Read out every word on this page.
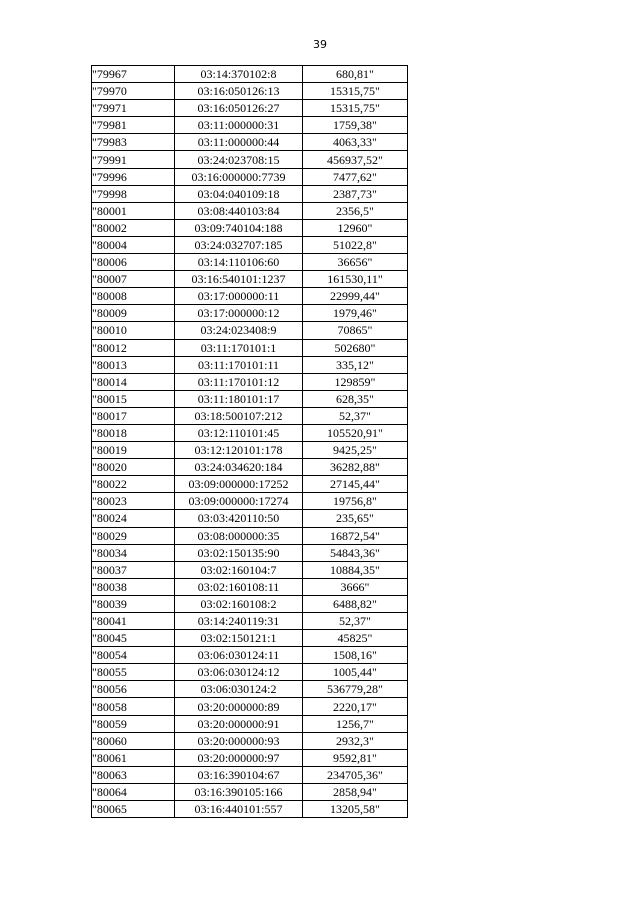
39
"79967	03:14:370102:8	680,81"
"79970	03:16:050126:13	15315,75"
"79971	03:16:050126:27	15315,75"
"79981	03:11:000000:31	1759,38"
"79983	03:11:000000:44	4063,33"
"79991	03:24:023708:15	456937,52"
"79996	03:16:000000:7739	7477,62"
"79998	03:04:040109:18	2387,73"
"80001	03:08:440103:84	2356,5"
"80002	03:09:740104:188	12960"
"80004	03:24:032707:185	51022,8"
"80006	03:14:110106:60	36656"
"80007	03:16:540101:1237	161530,11"
"80008	03:17:000000:11	22999,44"
"80009	03:17:000000:12	1979,46"
"80010	03:24:023408:9	70865"
"80012	03:11:170101:1	502680"
"80013	03:11:170101:11	335,12"
"80014	03:11:170101:12	129859"
"80015	03:11:180101:17	628,35"
"80017	03:18:500107:212	52,37"
"80018	03:12:110101:45	105520,91"
"80019	03:12:120101:178	9425,25"
"80020	03:24:034620:184	36282,88"
"80022	03:09:000000:17252	27145,44"
"80023	03:09:000000:17274	19756,8"
"80024	03:03:420110:50	235,65"
"80029	03:08:000000:35	16872,54"
"80034	03:02:150135:90	54843,36"
"80037	03:02:160104:7	10884,35"
"80038	03:02:160108:11	3666"
"80039	03:02:160108:2	6488,82"
"80041	03:14:240119:31	52,37"
"80045	03:02:150121:1	45825"
"80054	03:06:030124:11	1508,16"
"80055	03:06:030124:12	1005,44"
"80056	03:06:030124:2	536779,28"
"80058	03:20:000000:89	2220,17"
"80059	03:20:000000:91	1256,7"
"80060	03:20:000000:93	2932,3"
"80061	03:20:000000:97	9592,81"
"80063	03:16:390104:67	234705,36"
"80064	03:16:390105:166	2858,94"
"80065	03:16:440101:557	13205,58"
